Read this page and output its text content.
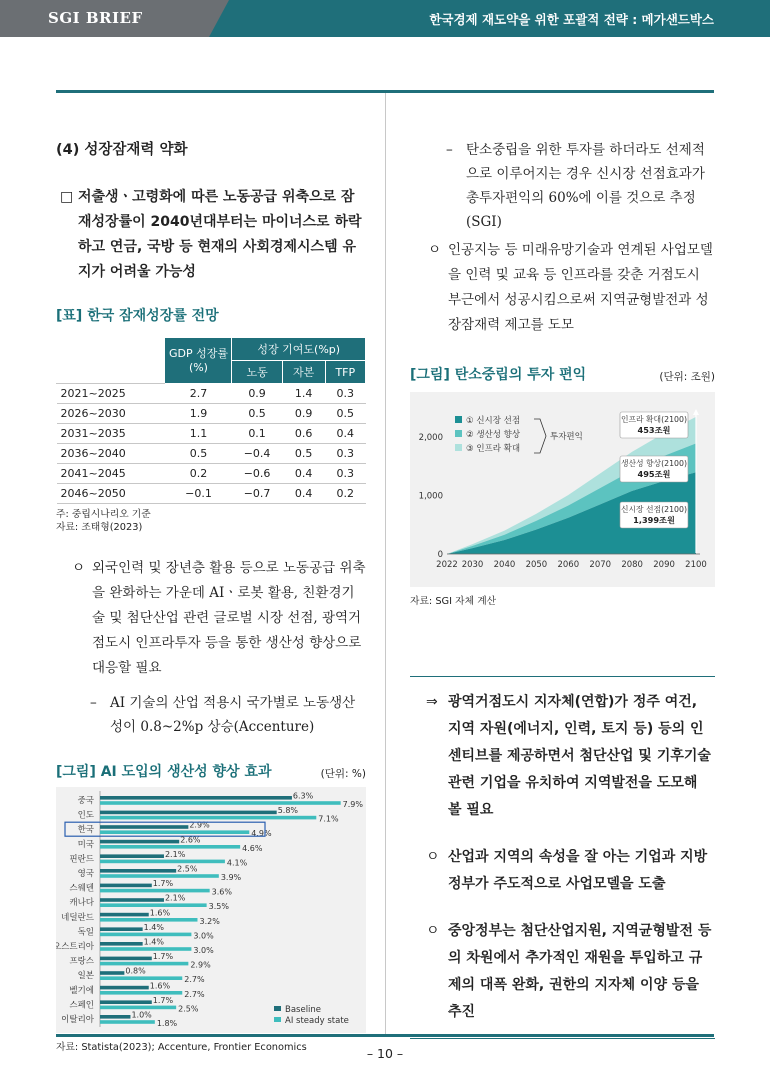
SGI BRIEF	한국경제 재도약을 위한 포괄적 전략 : 메가샌드박스
(4) 성장잠재력 약화
□ 저출생ㆍ고령화에 따른 노동공급 위축으로 잠재성장률이 2040년대부터는 마이너스로 하락하고 연금, 국방 등 현재의 사회경제시스템 유지가 어려울 가능성
[표] 한국 잠재성장률 전망
	GDP 성장률(%)	성장 기여도(%p)		
		노동	자본	TFP
2021~2025	2.7	0.9	1.4	0.3
2026~2030	1.9	0.5	0.9	0.5
2031~2035	1.1	0.1	0.6	0.4
2036~2040	0.5	−0.4	0.5	0.3
2041~2045	0.2	−0.6	0.4	0.3
2046~2050	−0.1	−0.7	0.4	0.2
주: 중립시나리오 기준
자료: 조태형(2023)
ㅇ 외국인력 및 장년층 활용 등으로 노동공급 위축을 완화하는 가운데 AIㆍ로봇 활용, 친환경기술 및 첨단산업 관련 글로벌 시장 선점, 광역거점도시 인프라투자 등을 통한 생산성 향상으로 대응할 필요
– AI 기술의 산업 적용시 국가별로 노동생산성이 0.8~2%p 상승(Accenture)
[그림] AI 도입의 생산성 향상 효과	(단위: %)
중국	6.3%
7.9%
인도	5.8%
7.1%
한국	2.9%
4.9%
미국	2.6%
4.6%
핀란드	2.1%
4.1%
영국	2.5%
3.9%
스웨덴	1.7%
3.6%
캐나다	2.1%
3.5%
네덜란드	1.6%
3.2%
독일	1.4%
3.0%
오스트리아	1.4%
3.0%
프랑스	1.7%
2.9%
일본	0.8%
2.7%
벨기에	1.6%
2.7%
스페인	1.7%
2.5%
이탈리아	1.0%
1.8%
Baseline
AI steady state
자료: Statista(2023); Accenture, Frontier Economics
– 탄소중립을 위한 투자를 하더라도 선제적으로 이루어지는 경우 신시장 선점효과가 총투자편익의 60%에 이를 것으로 추정(SGI)
ㅇ 인공지능 등 미래유망기술과 연계된 사업모델을 인력 및 교육 등 인프라를 갖춘 거점도시 부근에서 성공시킴으로써 지역균형발전과 성장잠재력 제고를 도모
[그림] 탄소중립의 투자 편익	(단위: 조원)
0
1,000
2,000
2022 2030 2040 2050 2060 2070 2080 2090 2100
① 신시장 선점
② 생산성 향상
③ 인프라 확대
투자편익
인프라 확대(2100)
453조원
생산성 향상(2100)
495조원
신시장 선점(2100)
1,399조원
자료: SGI 자체 계산
⇒ 광역거점도시 지자체(연합)가 정주 여건, 지역 자원(에너지, 인력, 토지 등) 등의 인센티브를 제공하면서 첨단산업 및 기후기술 관련 기업을 유치하여 지역발전을 도모해 볼 필요
ㅇ 산업과 지역의 속성을 잘 아는 기업과 지방정부가 주도적으로 사업모델을 도출
ㅇ 중앙정부는 첨단산업지원, 지역균형발전 등의 차원에서 추가적인 재원을 투입하고 규제의 대폭 완화, 권한의 지자체 이양 등을 추진
– 10 –
